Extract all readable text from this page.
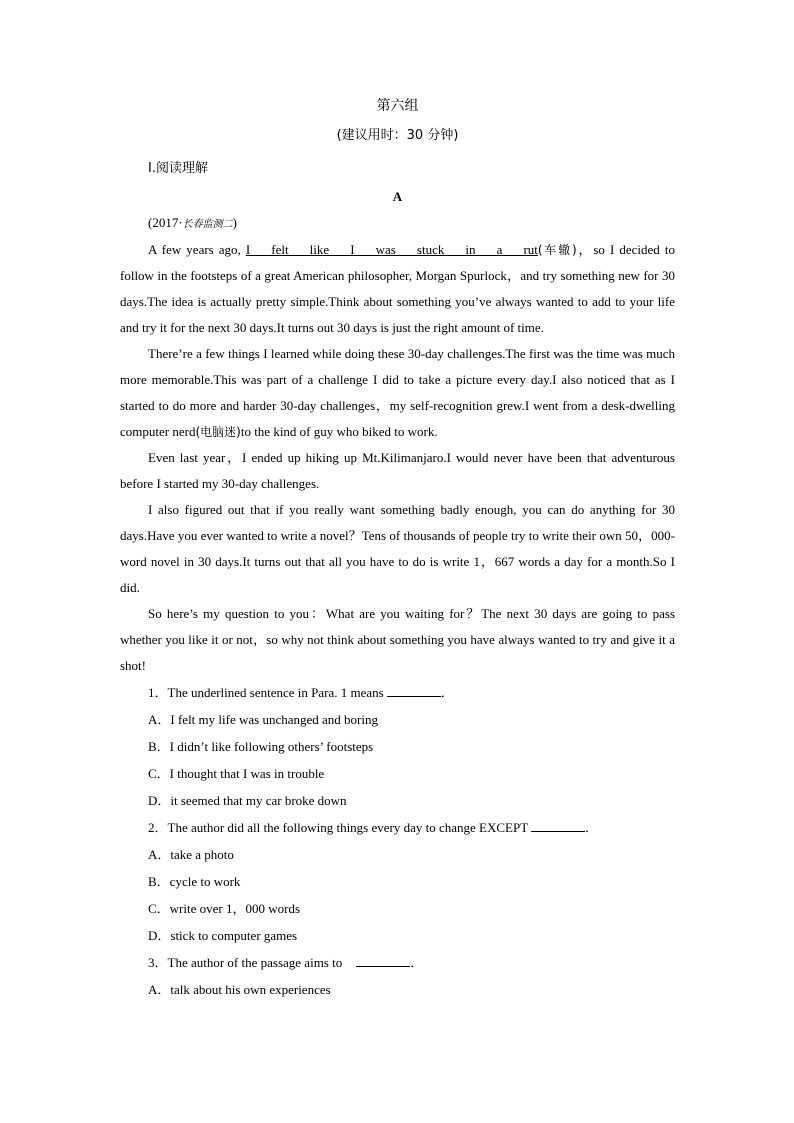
第六组
(建议用时：30 分钟)
Ⅰ.阅读理解
A
(2017·长春监测二)

A few years ago, I felt like I was stuck in a rut(车辙)，so I decided to follow in the footsteps of a great American philosopher, Morgan Spurlock，and try something new for 30 days.The idea is actually pretty simple.Think about something you’ve always wanted to add to your life and try it for the next 30 days.It turns out 30 days is just the right amount of time.

There’re a few things I learned while doing these 30-day challenges.The first was the time was much more memorable.This was part of a challenge I did to take a picture every day.I also noticed that as I started to do more and harder 30-day challenges，my self-recognition grew.I went from a desk-dwelling computer nerd(电脑迷)to the kind of guy who biked to work.

Even last year，I ended up hiking up Mt.Kilimanjaro.I would never have been that adventurous before I started my 30-day challenges.

I also figured out that if you really want something badly enough, you can do anything for 30 days.Have you ever wanted to write a novel？Tens of thousands of people try to write their own 50，000-word novel in 30 days.It turns out that all you have to do is write 1，667 words a day for a month.So I did.

So here’s my question to you：What are you waiting for？The next 30 days are going to pass whether you like it or not，so why not think about something you have always wanted to try and give it a shot!

1．The underlined sentence in Para. 1 means	．
A．I felt my life was unchanged and boring
B．I didn’t like following others’ footsteps
C．I thought that I was in trouble
D．it seemed that my car broke down
2．The author did all the following things every day to change EXCEPT	．
A．take a photo
B．cycle to work
C．write over 1，000 words
D．stick to computer games
3．The author of the passage aims to	．
A．talk about his own experiences
